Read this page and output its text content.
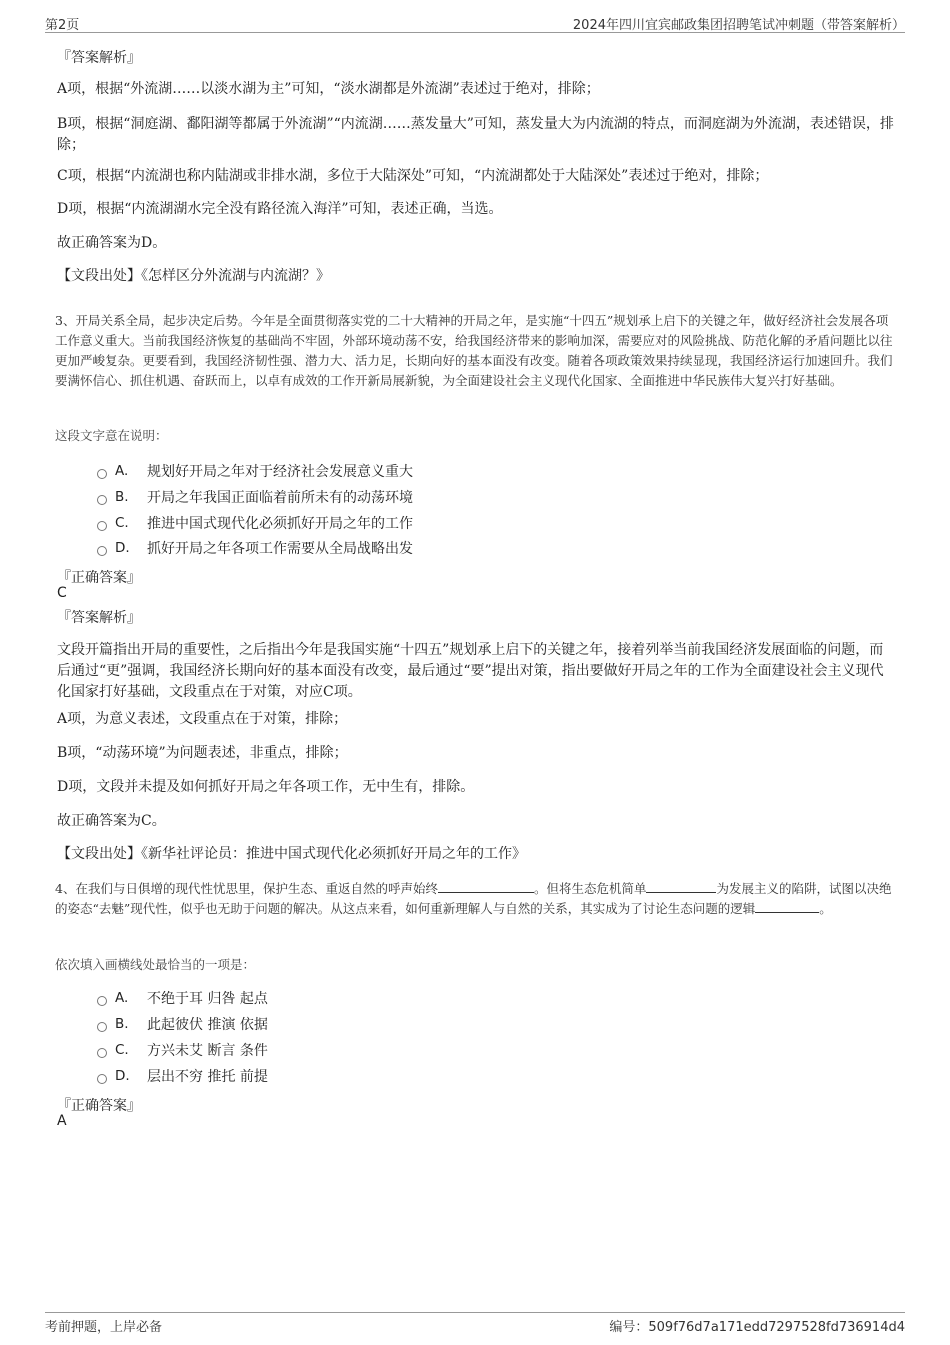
第2页	2024年四川宜宾邮政集团招聘笔试冲刺题（带答案解析）
『答案解析』
A项，根据“外流湖……以淡水湖为主”可知，“淡水湖都是外流湖”表述过于绝对，排除；
B项，根据“洞庭湖、鄱阳湖等都属于外流湖”“内流湖……蒸发量大”可知，蒸发量大为内流湖的特点，而洞庭湖为外流湖，表述错误，排除；
C项，根据“内流湖也称内陆湖或非排水湖，多位于大陆深处”可知，“内流湖都处于大陆深处”表述过于绝对，排除；
D项，根据“内流湖湖水完全没有路径流入海洋”可知，表述正确，当选。
故正确答案为D。
【文段出处】《怎样区分外流湖与内流湖？》
3、开局关系全局，起步决定后势。今年是全面贯彻落实党的二十大精神的开局之年，是实施“十四五”规划承上启下的关键之年，做好经济社会发展各项工作意义重大。当前我国经济恢复的基础尚不牢固，外部环境动荡不安，给我国经济带来的影响加深，需要应对的风险挑战、防范化解的矛盾问题比以往更加严峻复杂。更要看到，我国经济韧性强、潜力大、活力足，长期向好的基本面没有改变。随着各项政策效果持续显现，我国经济运行加速回升。我们要满怀信心、抓住机遇、奋跃而上，以卓有成效的工作开新局展新貌，为全面建设社会主义现代化国家、全面推进中华民族伟大复兴打好基础。
这段文字意在说明：
A.	规划好开局之年对于经济社会发展意义重大
B.	开局之年我国正面临着前所未有的动荡环境
C.	推进中国式现代化必须抓好开局之年的工作
D.	抓好开局之年各项工作需要从全局战略出发
『正确答案』
C
『答案解析』
文段开篇指出开局的重要性，之后指出今年是我国实施“十四五”规划承上启下的关键之年，接着列举当前我国经济发展面临的问题，而后通过“更”强调，我国经济长期向好的基本面没有改变，最后通过“要”提出对策，指出要做好开局之年的工作为全面建设社会主义现代化国家打好基础，文段重点在于对策，对应C项。
A项，为意义表述，文段重点在于对策，排除；
B项，“动荡环境”为问题表述，非重点，排除；
D项，文段并未提及如何抓好开局之年各项工作，无中生有，排除。
故正确答案为C。
【文段出处】《新华社评论员：推进中国式现代化必须抓好开局之年的工作》
4、在我们与日俱增的现代性忧思里，保护生态、重返自然的呼声始终	。但将生态危机简单	为发展主义的陷阱，试图以决绝的姿态“去魅”现代性，似乎也无助于问题的解决。从这点来看，如何重新理解人与自然的关系，其实成为了讨论生态问题的逻辑	。
依次填入画横线处最恰当的一项是：
A.	不绝于耳 归咎 起点
B.	此起彼伏 推演 依据
C.	方兴未艾 断言 条件
D.	层出不穷 推托 前提
『正确答案』
A
考前押题，上岸必备	编号：509f76d7a171edd7297528fd736914d4
